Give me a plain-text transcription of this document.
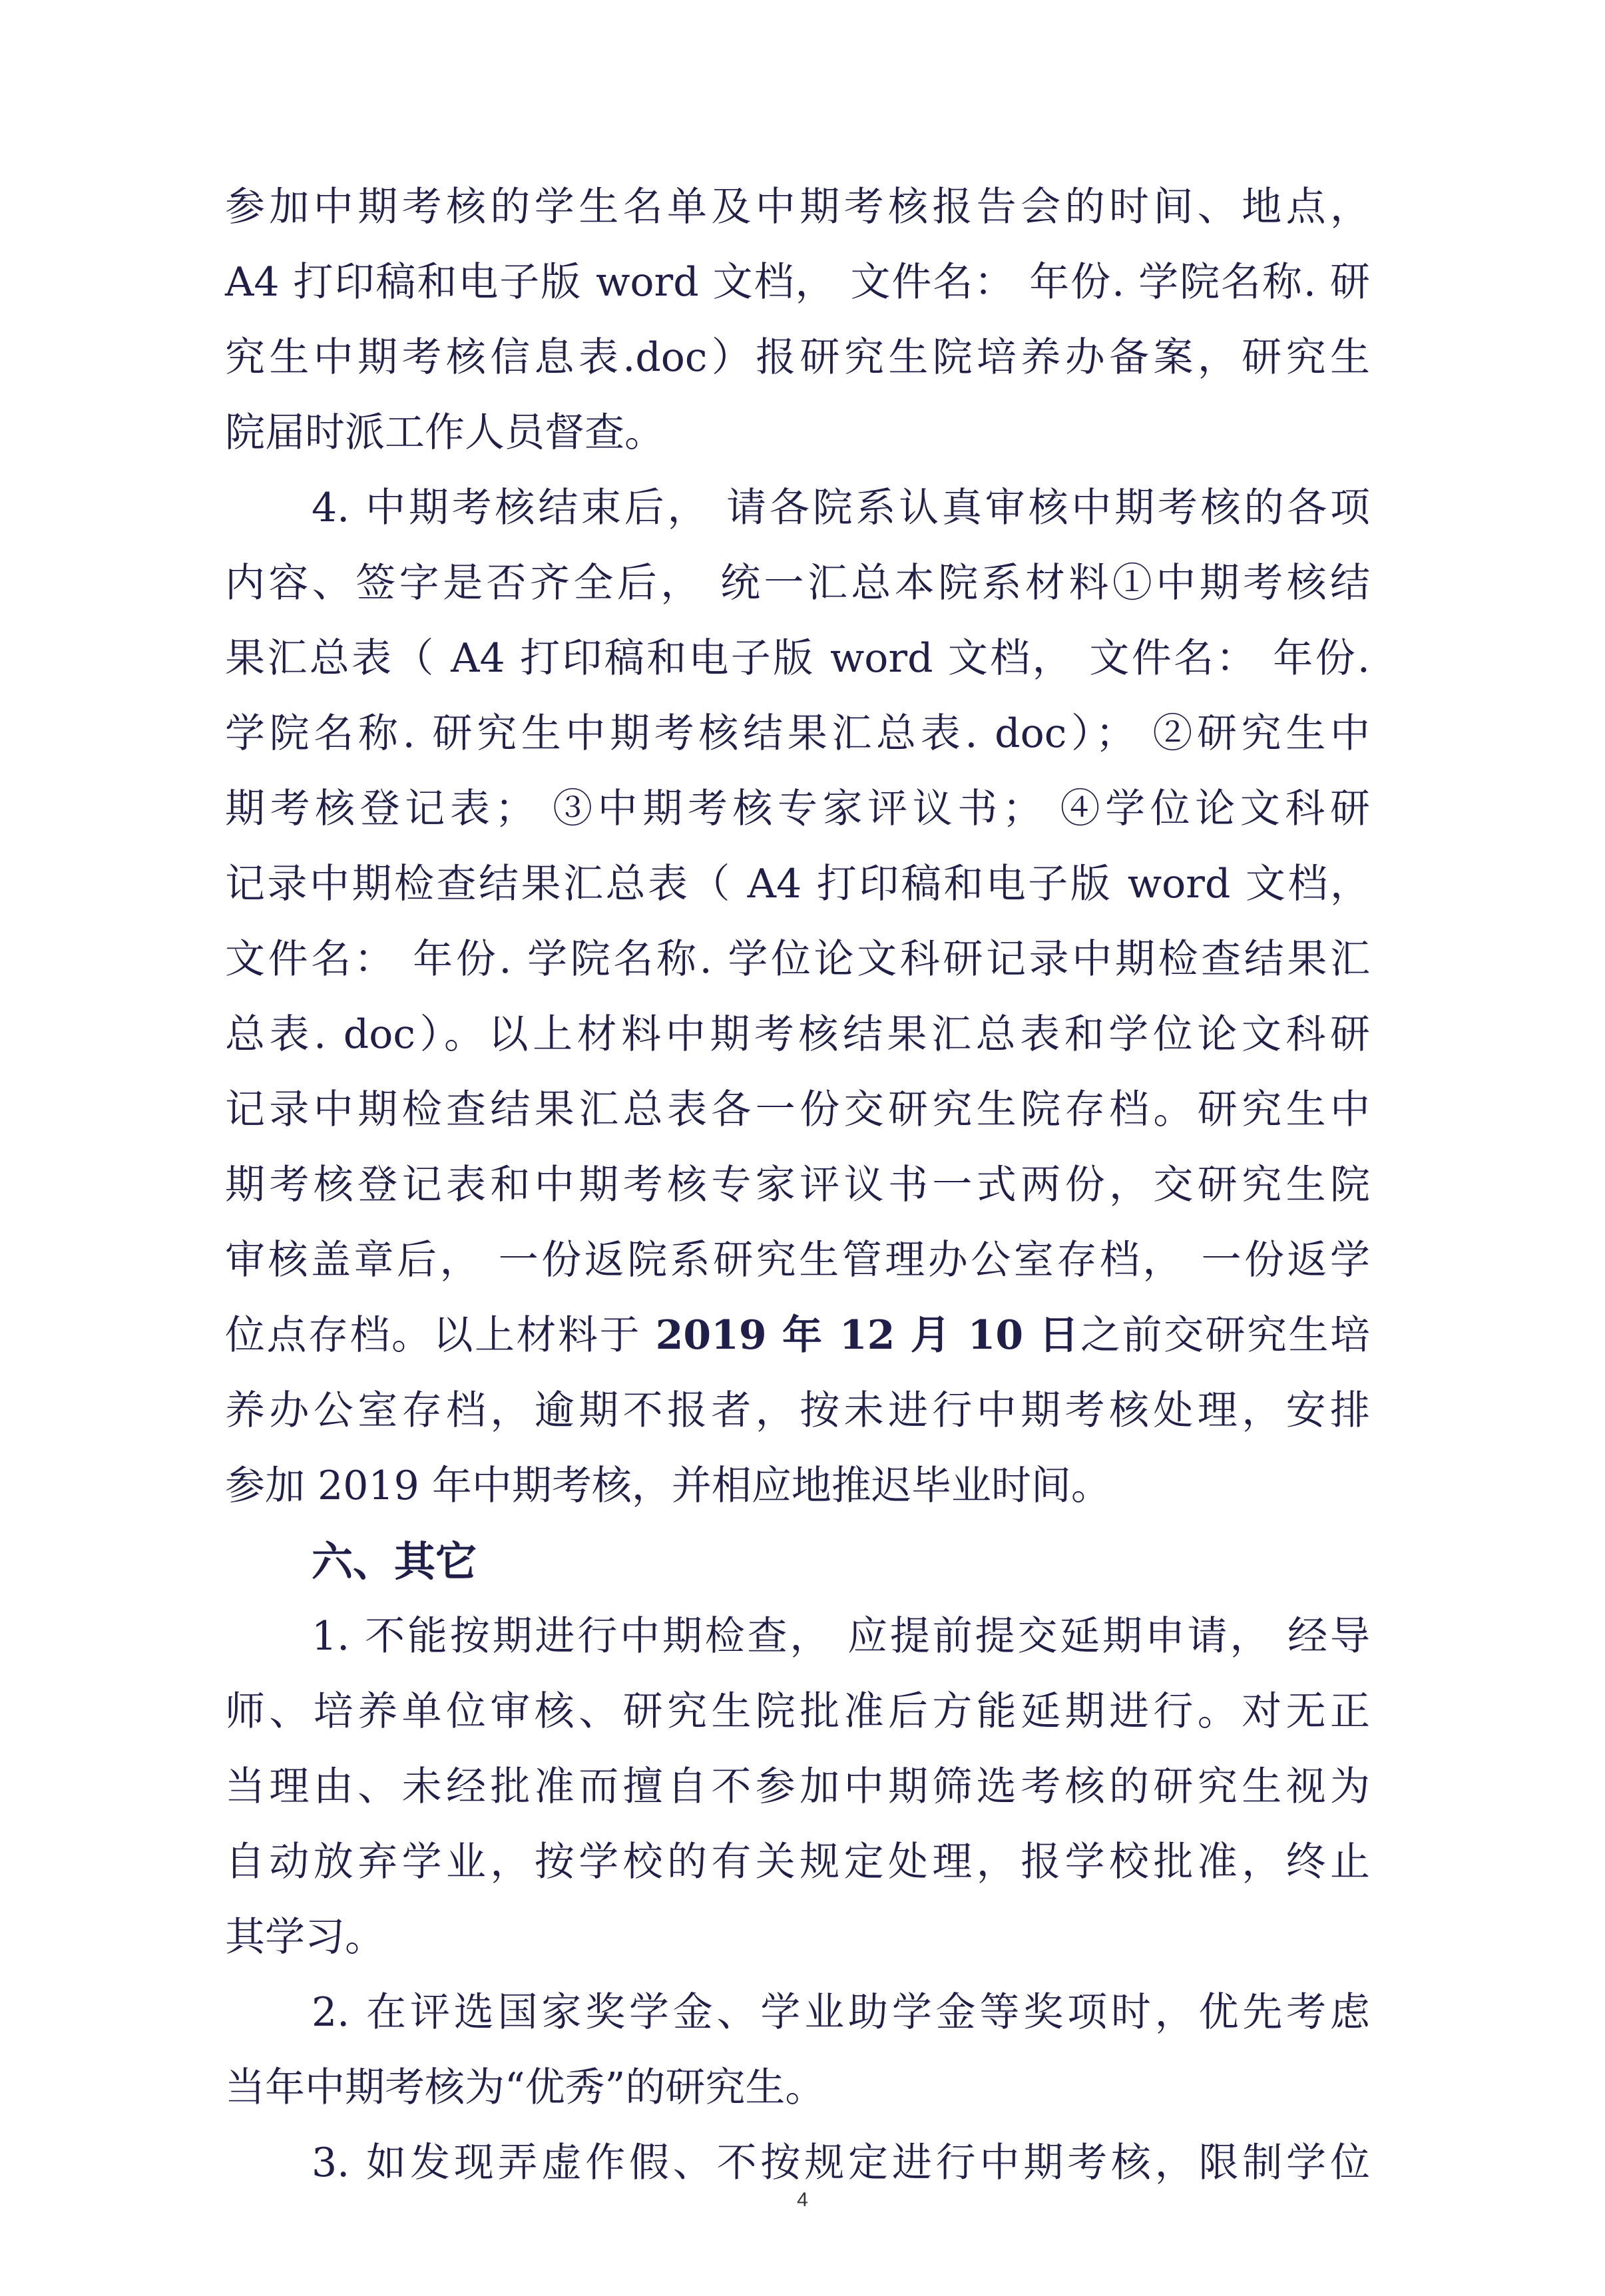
参加中期考核的学生名单及中期考核报告会的时间、地点，
A4 打印稿和电子版 word 文档， 文件名： 年份. 学院名称. 研
究生中期考核信息表.doc）报研究生院培养办备案，研究生
院届时派工作人员督查。
4. 中期考核结束后， 请各院系认真审核中期考核的各项
内容、签字是否齐全后， 统一汇总本院系材料①中期考核结
果汇总表（ A4 打印稿和电子版 word 文档， 文件名： 年份.
学院名称. 研究生中期考核结果汇总表. doc）； ②研究生中
期考核登记表； ③中期考核专家评议书； ④学位论文科研
记录中期检查结果汇总表（ A4 打印稿和电子版 word 文档，
文件名： 年份. 学院名称. 学位论文科研记录中期检查结果汇
总表. doc）。以上材料中期考核结果汇总表和学位论文科研
记录中期检查结果汇总表各一份交研究生院存档。研究生中
期考核登记表和中期考核专家评议书一式两份，交研究生院
审核盖章后， 一份返院系研究生管理办公室存档， 一份返学
位点存档。以上材料于 2019 年 12 月 10 日之前交研究生培
养办公室存档，逾期不报者，按未进行中期考核处理，安排
参加 2019 年中期考核，并相应地推迟毕业时间。
六、其它
1. 不能按期进行中期检查， 应提前提交延期申请， 经导
师、培养单位审核、研究生院批准后方能延期进行。对无正
当理由、未经批准而擅自不参加中期筛选考核的研究生视为
自动放弃学业，按学校的有关规定处理，报学校批准，终止
其学习。
2. 在评选国家奖学金、学业助学金等奖项时，优先考虑
当年中期考核为“优秀”的研究生。
3. 如发现弄虚作假、不按规定进行中期考核，限制学位
4
